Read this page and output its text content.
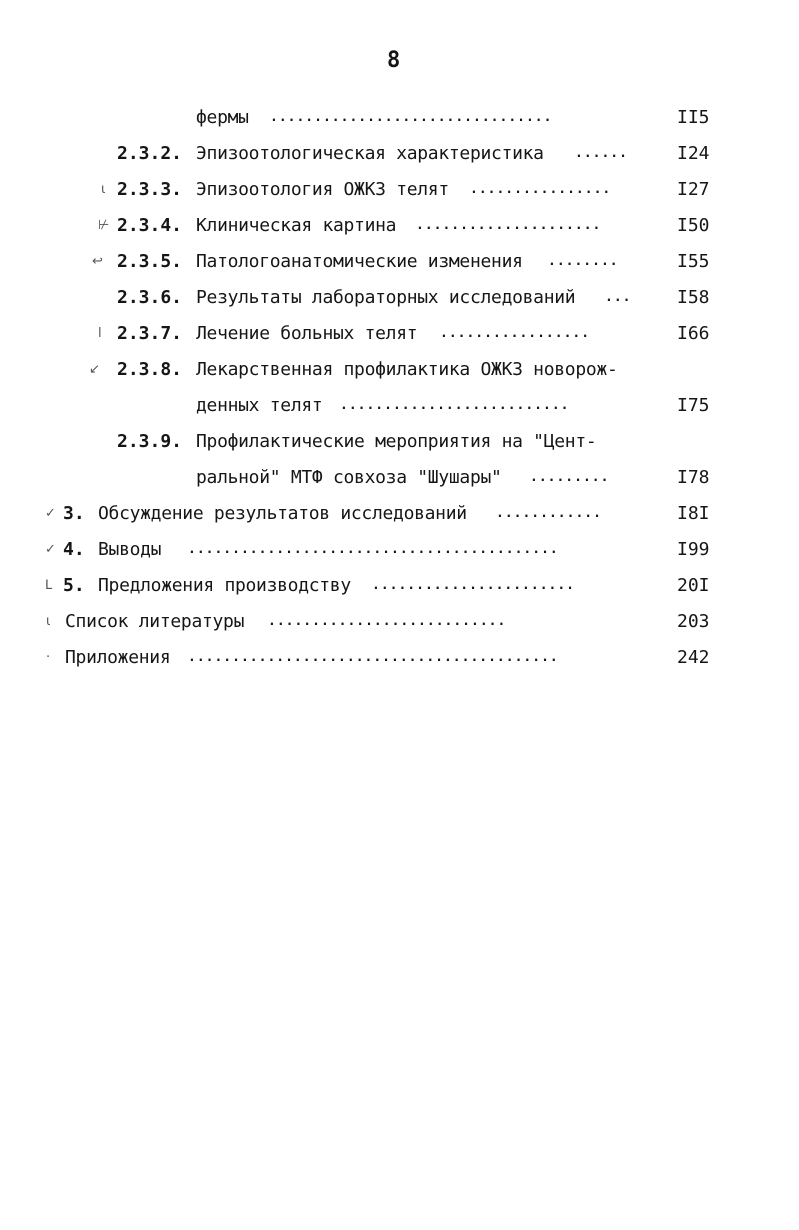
8
фермы	................................	II5
2.3.2. Эпизоотологическая характеристика	......	I24
ι 2.3.3. Эпизоотология ОЖКЗ телят	................	I27
⊬ 2.3.4. Клиническая картина	.....................	I50
↩ 2.3.5. Патологоанатомические изменения	........	I55
2.3.6. Результаты лабораторных исследований	...	I58
ⅼ 2.3.7. Лечение больных телят	.................	I66
↙ 2.3.8. Лекарственная профилактика ОЖКЗ новорож-
денных телят	..........................	I75
2.3.9. Профилактические мероприятия на "Цент-
ральной" МТФ совхоза "Шушары"	.........	I78
✓ 3. Обсуждение результатов исследований	............	I8I
✓ 4. Выводы	..........................................	I99
ᒪ 5. Предложения производству	.......................	20I
ι Список литературы	...........................	203
· Приложения	..........................................	242
